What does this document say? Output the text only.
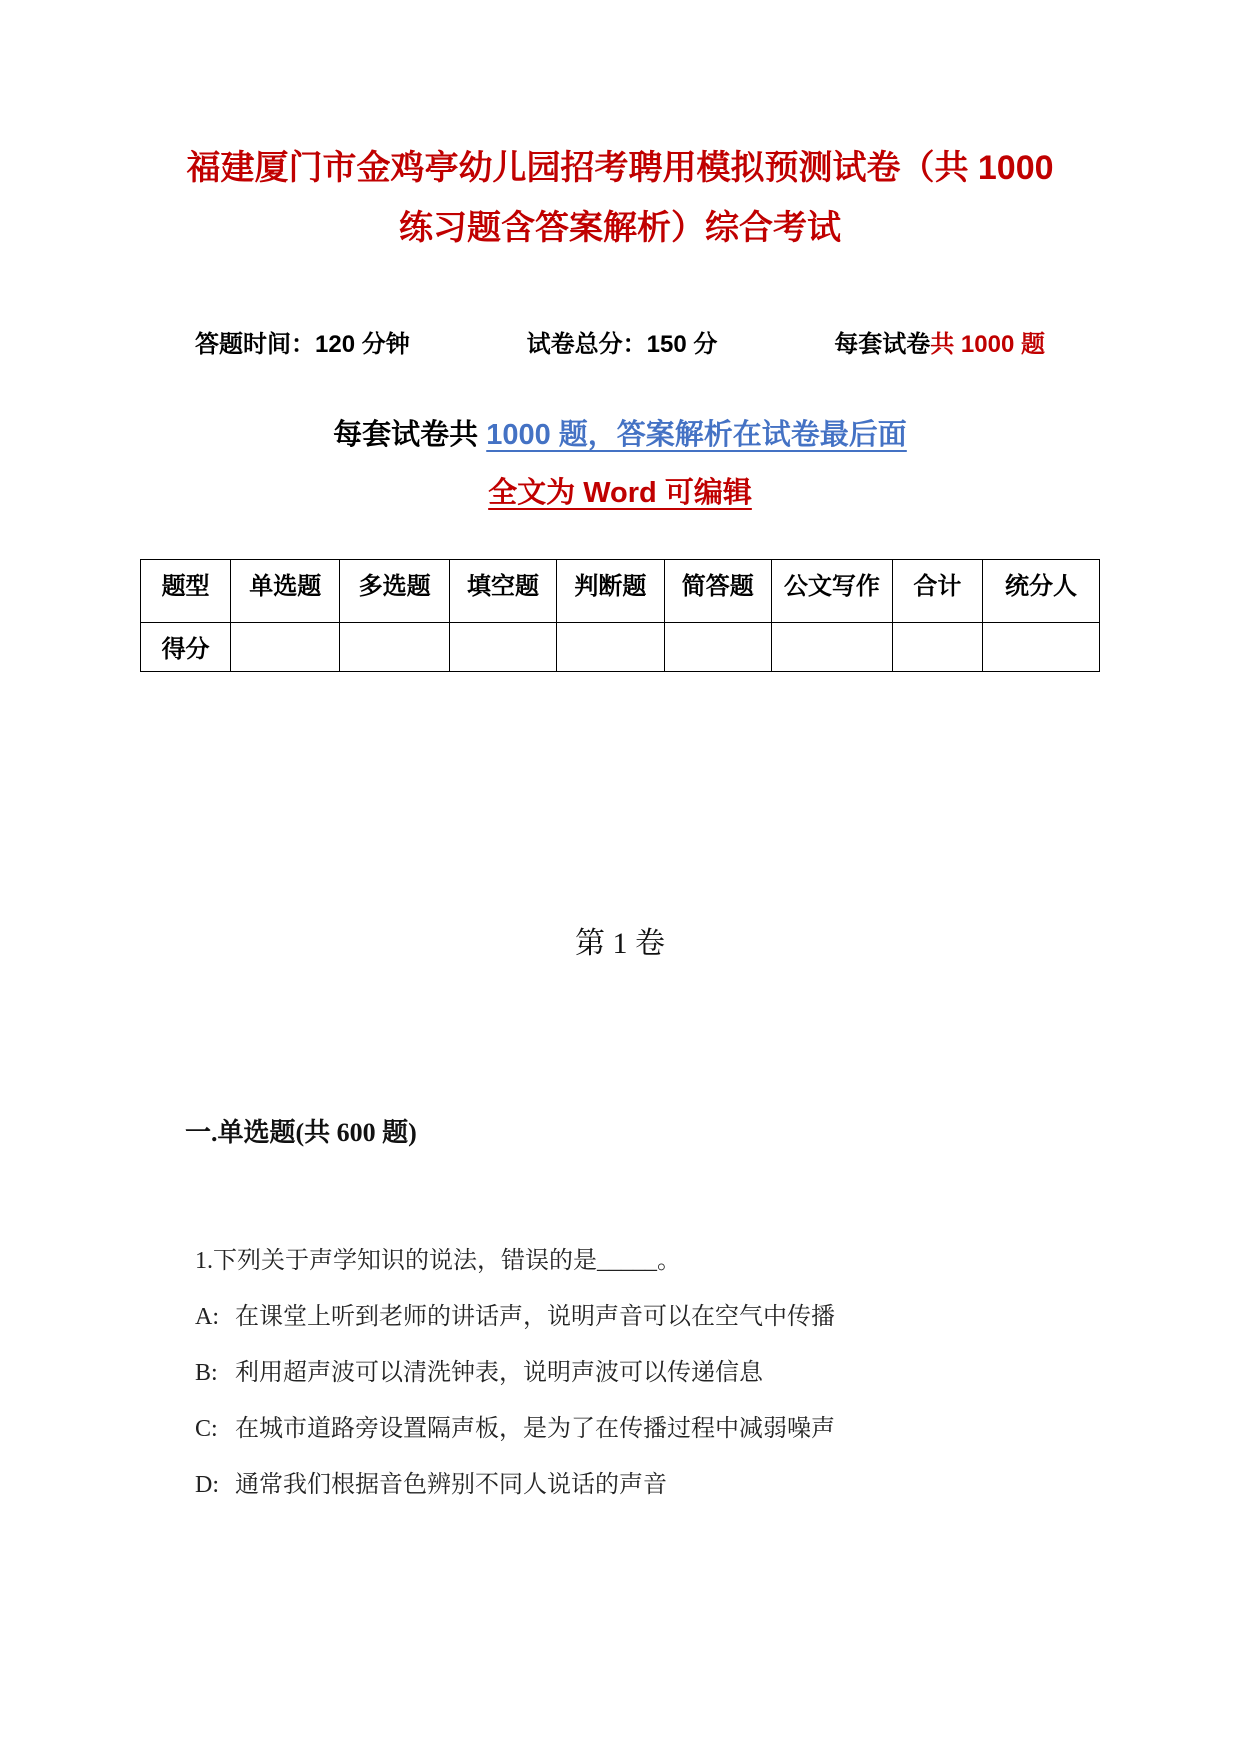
福建厦门市金鸡亭幼儿园招考聘用模拟预测试卷（共 1000
练习题含答案解析）综合考试
答题时间：120 分钟	试卷总分：150 分	每套试卷共 1000 题
每套试卷共 1000 题，答案解析在试卷最后面
全文为 Word 可编辑
题型	单选题	多选题	填空题	判断题	简答题	公文写作	合计	统分人
得分								
第 1 卷
一.单选题(共 600 题)
1.下列关于声学知识的说法，错误的是_____。
A: 在课堂上听到老师的讲话声，说明声音可以在空气中传播
B: 利用超声波可以清洗钟表，说明声波可以传递信息
C: 在城市道路旁设置隔声板，是为了在传播过程中减弱噪声
D: 通常我们根据音色辨别不同人说话的声音
